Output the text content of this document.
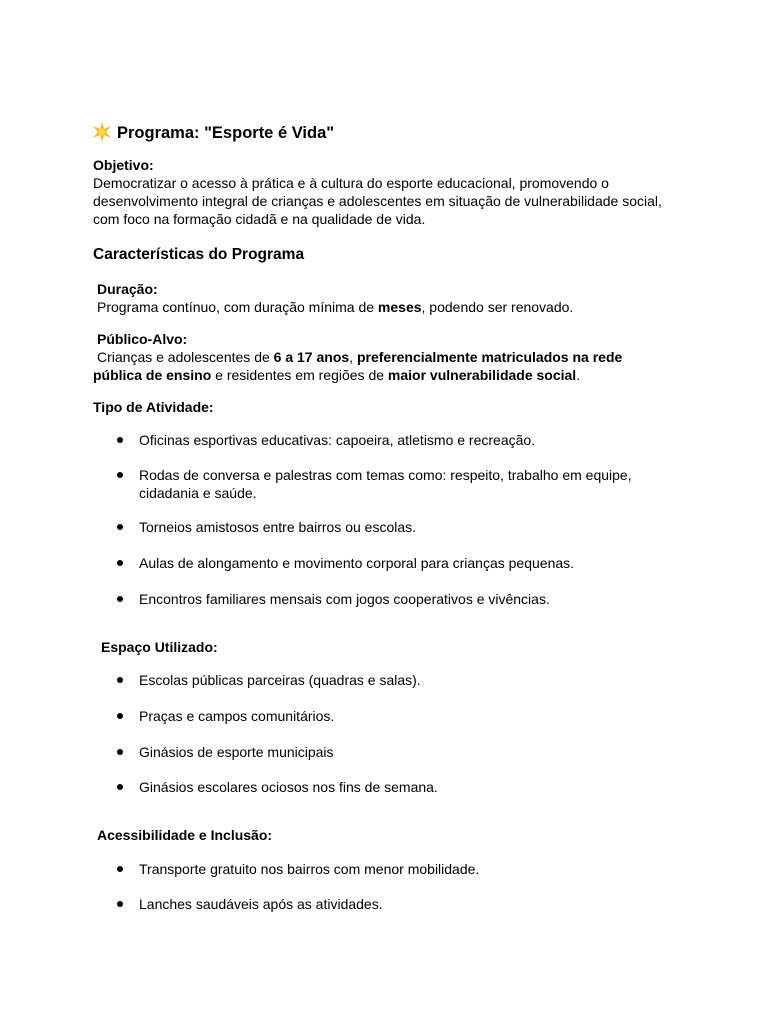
Programa: "Esporte é Vida"
Objetivo:
Democratizar o acesso à prática e à cultura do esporte educacional, promovendo o
desenvolvimento integral de crianças e adolescentes em situação de vulnerabilidade social,
com foco na formação cidadã e na qualidade de vida.
Características do Programa
Duração:
Programa contínuo, com duração mínima de meses, podendo ser renovado.
Público-Alvo:
Crianças e adolescentes de 6 a 17 anos, preferencialmente matriculados na rede
pública de ensino e residentes em regiões de maior vulnerabilidade social.
Tipo de Atividade:
Oficinas esportivas educativas: capoeira, atletismo e recreação.
Rodas de conversa e palestras com temas como: respeito, trabalho em equipe,
cidadania e saúde.
Torneios amistosos entre bairros ou escolas.
Aulas de alongamento e movimento corporal para crianças pequenas.
Encontros familiares mensais com jogos cooperativos e vivências.
Espaço Utilizado:
Escolas públicas parceiras (quadras e salas).
Praças e campos comunitários.
Ginásios de esporte municipais
Ginásios escolares ociosos nos fins de semana.
Acessibilidade e Inclusão:
Transporte gratuito nos bairros com menor mobilidade.
Lanches saudáveis após as atividades.
